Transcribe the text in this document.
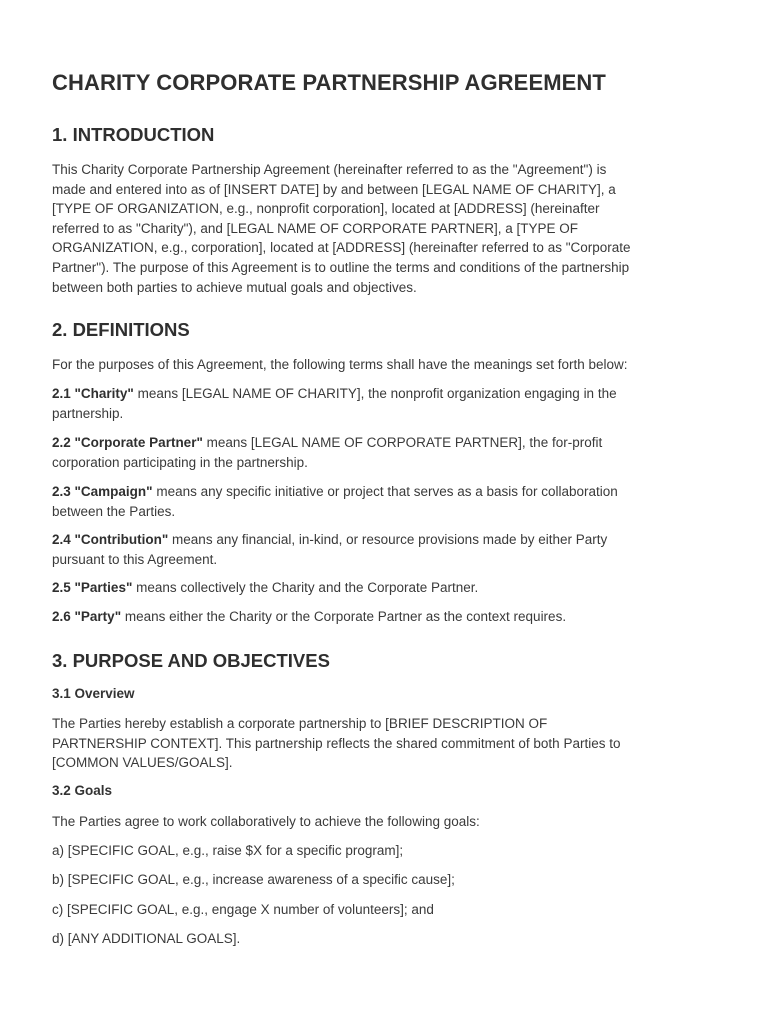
CHARITY CORPORATE PARTNERSHIP AGREEMENT
1. INTRODUCTION
This Charity Corporate Partnership Agreement (hereinafter referred to as the "Agreement") is
made and entered into as of [INSERT DATE] by and between [LEGAL NAME OF CHARITY], a
[TYPE OF ORGANIZATION, e.g., nonprofit corporation], located at [ADDRESS] (hereinafter
referred to as "Charity"), and [LEGAL NAME OF CORPORATE PARTNER], a [TYPE OF
ORGANIZATION, e.g., corporation], located at [ADDRESS] (hereinafter referred to as "Corporate
Partner"). The purpose of this Agreement is to outline the terms and conditions of the partnership
between both parties to achieve mutual goals and objectives.
2. DEFINITIONS

For the purposes of this Agreement, the following terms shall have the meanings set forth below:

2.1 "Charity" means [LEGAL NAME OF CHARITY], the nonprofit organization engaging in the
partnership.
2.2 "Corporate Partner" means [LEGAL NAME OF CORPORATE PARTNER], the for-profit
corporation participating in the partnership.
2.3 "Campaign" means any specific initiative or project that serves as a basis for collaboration
between the Parties.
2.4 "Contribution" means any financial, in-kind, or resource provisions made by either Party
pursuant to this Agreement.
2.5 "Parties" means collectively the Charity and the Corporate Partner.
2.6 "Party" means either the Charity or the Corporate Partner as the context requires.
3. PURPOSE AND OBJECTIVES
3.1 Overview
The Parties hereby establish a corporate partnership to [BRIEF DESCRIPTION OF
PARTNERSHIP CONTEXT]. This partnership reflects the shared commitment of both Parties to
[COMMON VALUES/GOALS].
3.2 Goals

The Parties agree to work collaboratively to achieve the following goals:

a) [SPECIFIC GOAL, e.g., raise $X for a specific program];

b) [SPECIFIC GOAL, e.g., increase awareness of a specific cause];

c) [SPECIFIC GOAL, e.g., engage X number of volunteers]; and

d) [ANY ADDITIONAL GOALS].
